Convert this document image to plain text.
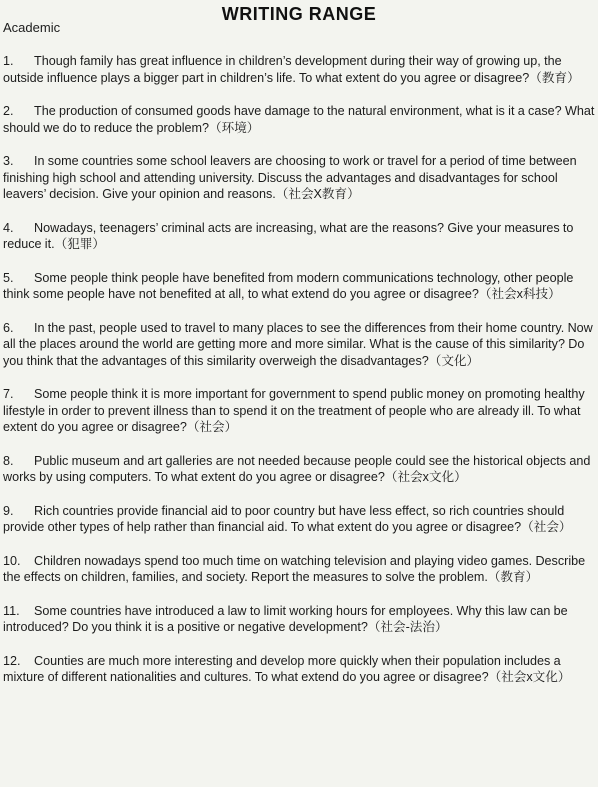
WRITING RANGE

Academic

1. Though family has great influence in children’s development during their way of growing up, the outside influence plays a bigger part in children’s life. To what extent do you agree or disagree?（教育）
2. The production of consumed goods have damage to the natural environment, what is it a case? What should we do to reduce the problem?（环境）
3. In some countries some school leavers are choosing to work or travel for a period of time between finishing high school and attending university. Discuss the advantages and disadvantages for school leavers’ decision. Give your opinion and reasons.（社会X教育）
4. Nowadays, teenagers’ criminal acts are increasing, what are the reasons? Give your measures to reduce it.（犯罪）
5. Some people think people have benefited from modern communications technology, other people think some people have not benefited at all, to what extend do you agree or disagree?（社会x科技）
6. In the past, people used to travel to many places to see the differences from their home country. Now all the places around the world are getting more and more similar. What is the cause of this similarity? Do you think that the advantages of this similarity overweigh the disadvantages?（文化）
7. Some people think it is more important for government to spend public money on promoting healthy lifestyle in order to prevent illness than to spend it on the treatment of people who are already ill. To what extent do you agree or disagree?（社会）
8. Public museum and art galleries are not needed because people could see the historical objects and works by using computers. To what extent do you agree or disagree?（社会x文化）
9. Rich countries provide financial aid to poor country but have less effect, so rich countries should provide other types of help rather than financial aid. To what extent do you agree or disagree?（社会）
10. Children nowadays spend too much time on watching television and playing video games. Describe the effects on children, families, and society. Report the measures to solve the problem.（教育）
11. Some countries have introduced a law to limit working hours for employees. Why this law can be introduced? Do you think it is a positive or negative development?（社会-法治）
12. Counties are much more interesting and develop more quickly when their population includes a mixture of different nationalities and cultures. To what extend do you agree or disagree?（社会x文化）
